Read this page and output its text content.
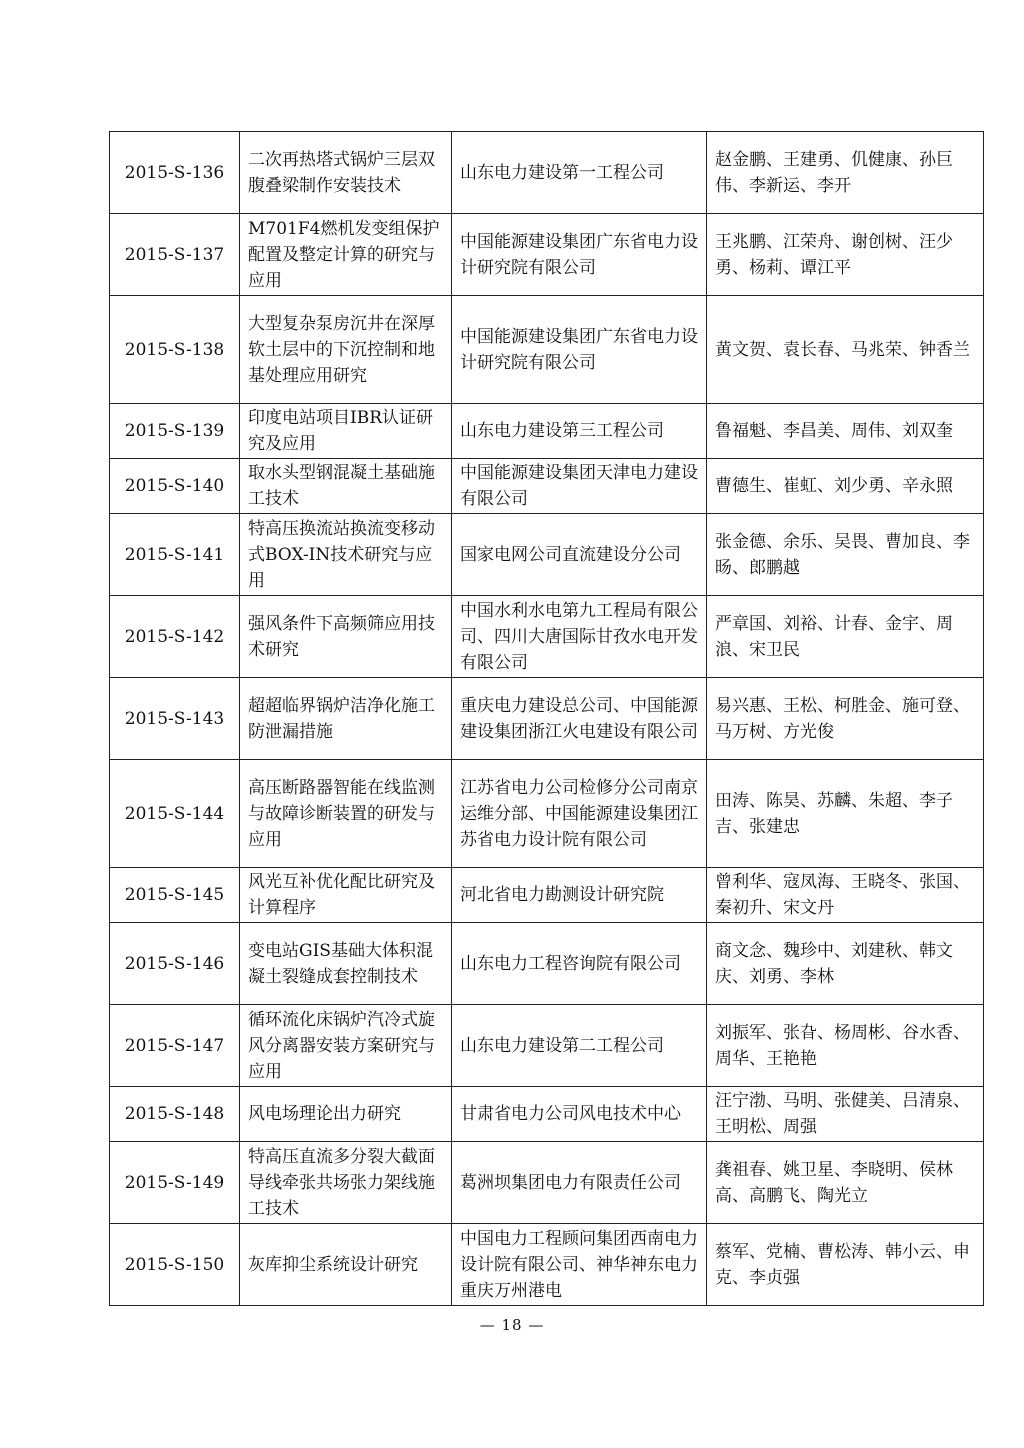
2015-S-136	二次再热塔式锅炉三层双腹叠梁制作安装技术	山东电力建设第一工程公司	赵金鹏、王建勇、仉健康、孙巨伟、李新运、李开
2015-S-137	M701F4燃机发变组保护配置及整定计算的研究与应用	中国能源建设集团广东省电力设计研究院有限公司	王兆鹏、江荣舟、谢创树、汪少勇、杨莉、谭江平
2015-S-138	大型复杂泵房沉井在深厚软土层中的下沉控制和地基处理应用研究	中国能源建设集团广东省电力设计研究院有限公司	黄文贺、袁长春、马兆荣、钟香兰
2015-S-139	印度电站项目IBR认证研究及应用	山东电力建设第三工程公司	鲁福魁、李昌美、周伟、刘双奎
2015-S-140	取水头型钢混凝土基础施工技术	中国能源建设集团天津电力建设有限公司	曹德生、崔虹、刘少勇、辛永照
2015-S-141	特高压换流站换流变移动式BOX-IN技术研究与应用	国家电网公司直流建设分公司	张金德、余乐、吴畏、曹加良、李旸、郎鹏越
2015-S-142	强风条件下高频筛应用技术研究	中国水利水电第九工程局有限公司、四川大唐国际甘孜水电开发有限公司	严章国、刘裕、计春、金宇、周浪、宋卫民
2015-S-143	超超临界锅炉洁净化施工防泄漏措施	重庆电力建设总公司、中国能源建设集团浙江火电建设有限公司	易兴惠、王松、柯胜金、施可登、马万树、方光俊
2015-S-144	高压断路器智能在线监测与故障诊断装置的研发与应用	江苏省电力公司检修分公司南京运维分部、中国能源建设集团江苏省电力设计院有限公司	田涛、陈昊、苏麟、朱超、李子吉、张建忠
2015-S-145	风光互补优化配比研究及计算程序	河北省电力勘测设计研究院	曾利华、寇凤海、王晓冬、张国、秦初升、宋文丹
2015-S-146	变电站GIS基础大体积混凝土裂缝成套控制技术	山东电力工程咨询院有限公司	商文念、魏珍中、刘建秋、韩文庆、刘勇、李林
2015-S-147	循环流化床锅炉汽冷式旋风分离器安装方案研究与应用	山东电力建设第二工程公司	刘振军、张旮、杨周彬、谷水香、周华、王艳艳
2015-S-148	风电场理论出力研究	甘肃省电力公司风电技术中心	汪宁渤、马明、张健美、吕清泉、王明松、周强
2015-S-149	特高压直流多分裂大截面导线牵张共场张力架线施工技术	葛洲坝集团电力有限责任公司	龚祖春、姚卫星、李晓明、侯林高、高鹏飞、陶光立
2015-S-150	灰库抑尘系统设计研究	中国电力工程顾问集团西南电力设计院有限公司、神华神东电力重庆万州港电	蔡军、党楠、曹松涛、韩小云、申克、李贞强
— 18 —
